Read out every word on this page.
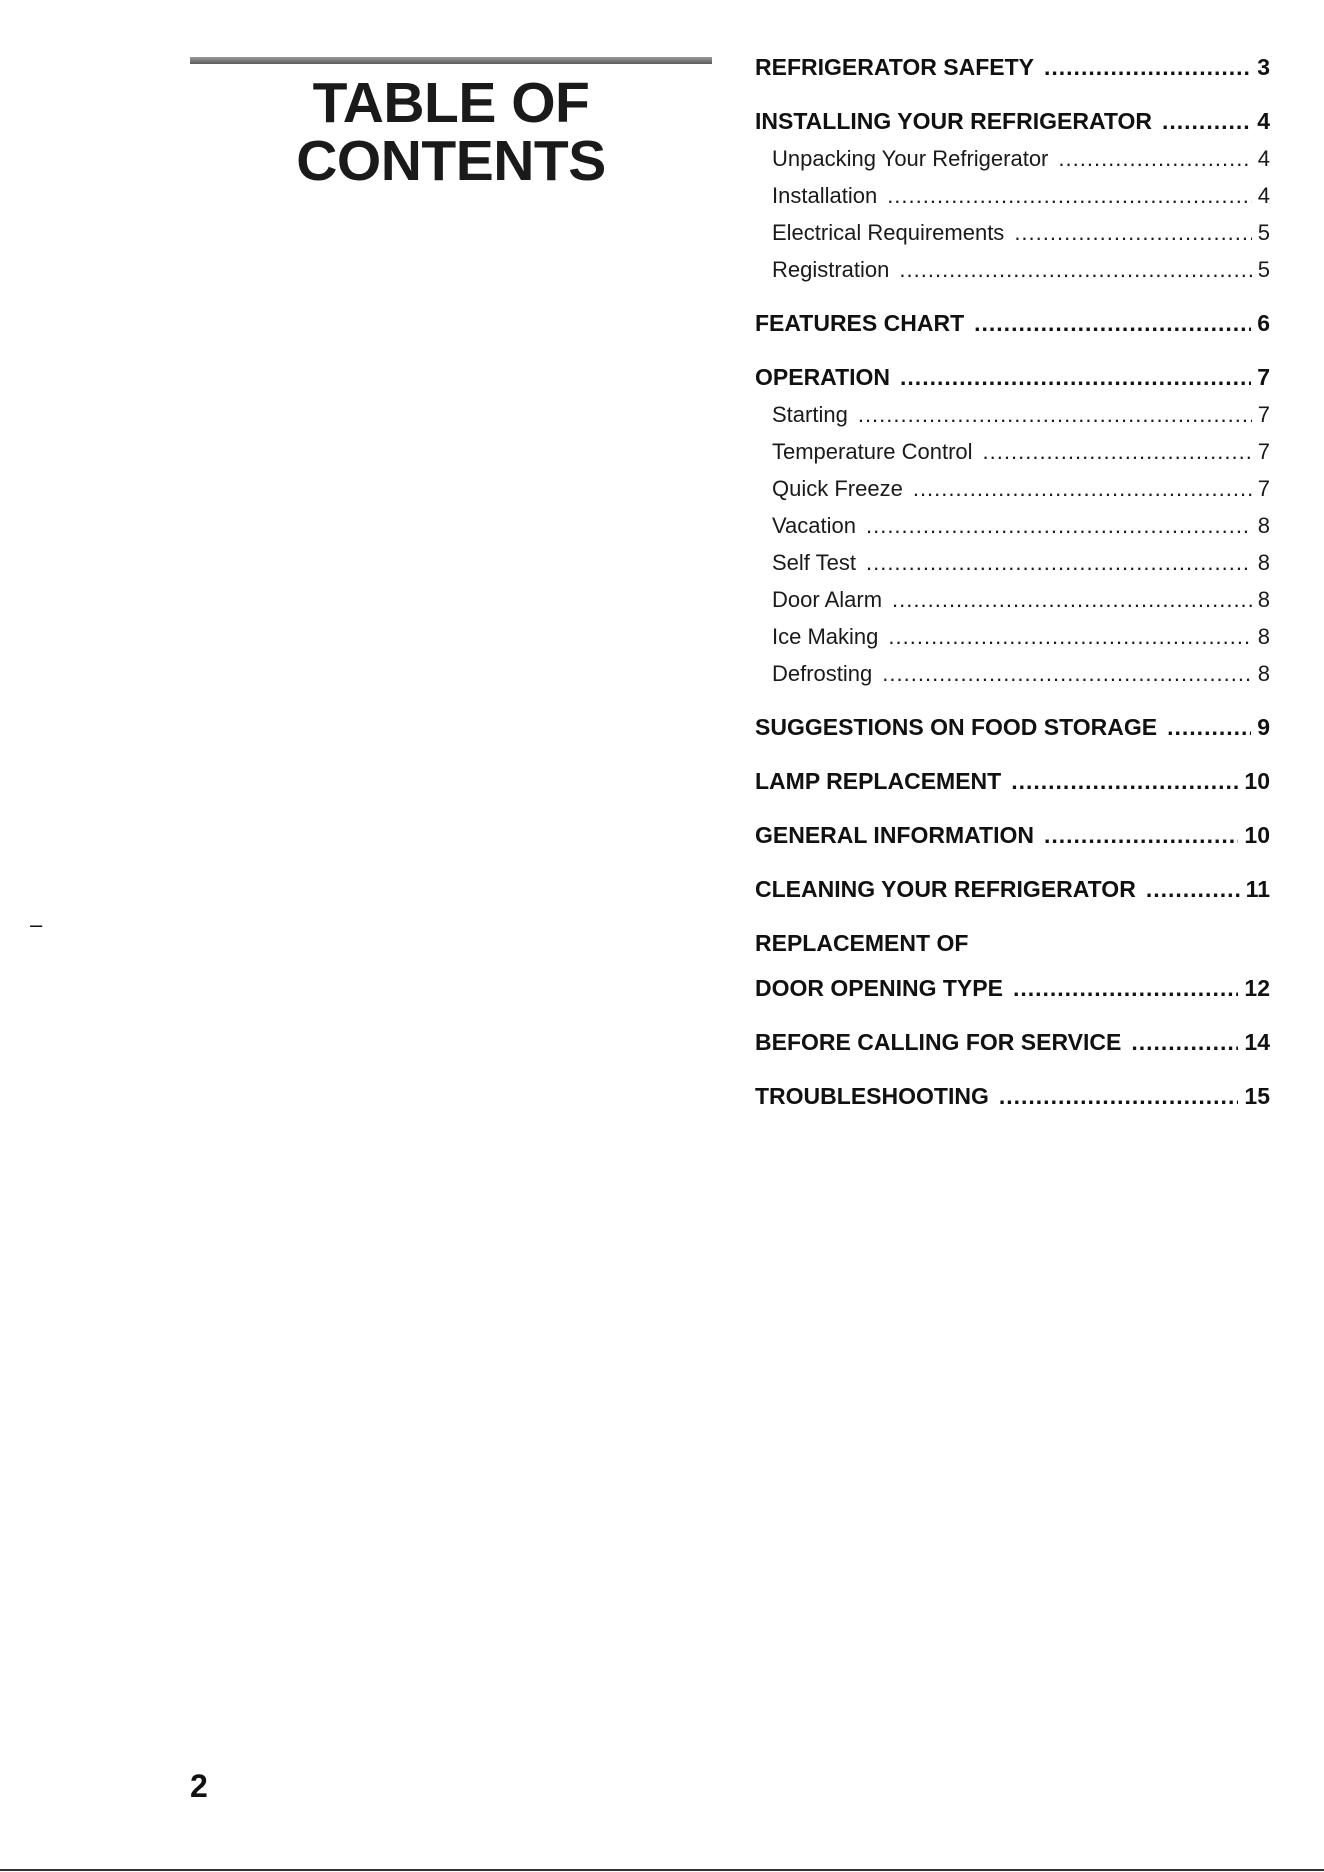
TABLE OF
CONTENTS
REFRIGERATOR SAFETY .....	3
INSTALLING YOUR REFRIGERATOR .....	4
Unpacking Your Refrigerator .....	4
Installation .....	4
Electrical Requirements .....	5
Registration .....	5
FEATURES CHART .....	6
OPERATION .....	7
Starting .....	7
Temperature Control .....	7
Quick Freeze .....	7
Vacation .....	8
Self Test .....	8
Door Alarm .....	8
Ice Making .....	8
Defrosting .....	8
SUGGESTIONS ON FOOD STORAGE .....	9
LAMP REPLACEMENT .....	10
GENERAL INFORMATION .....	10
CLEANING YOUR REFRIGERATOR .....	11
REPLACEMENT OF
DOOR OPENING TYPE .....	12
BEFORE CALLING FOR SERVICE .....	14
TROUBLESHOOTING .....	15
–
2
